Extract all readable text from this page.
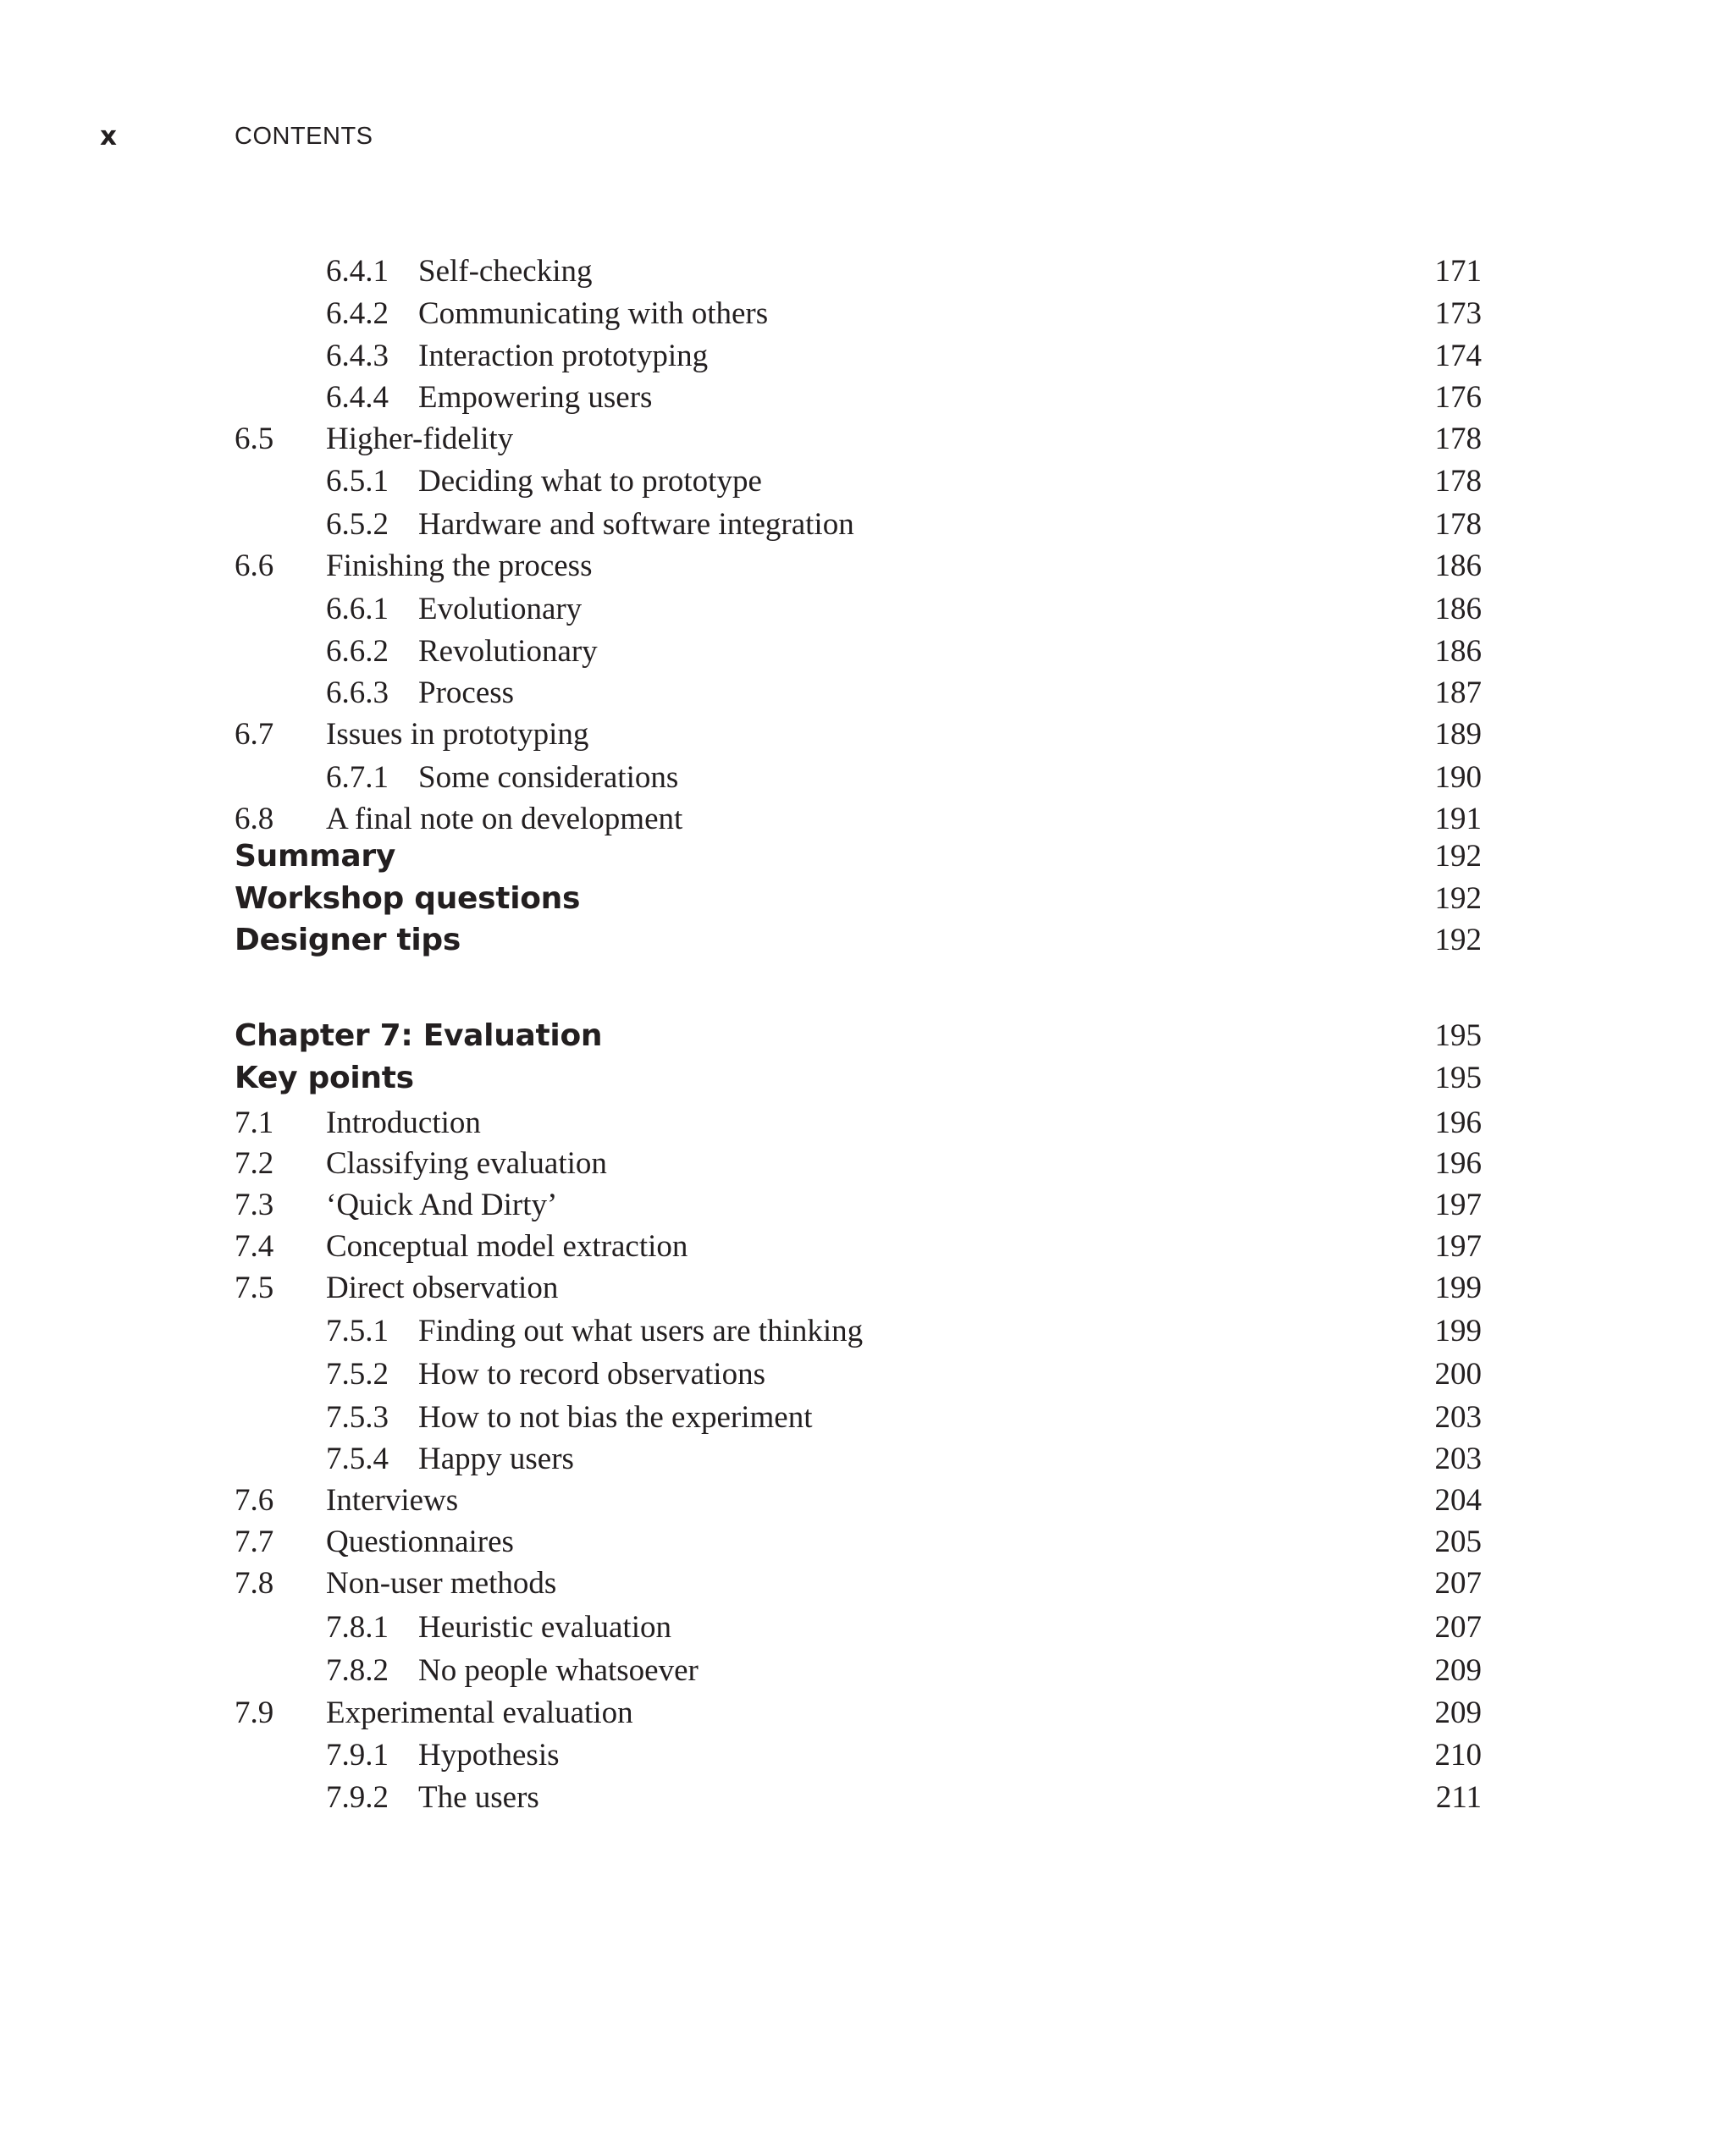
x	CONTENTS
6.4.1 Self-checking	171
6.4.2 Communicating with others	173
6.4.3 Interaction prototyping	174
6.4.4 Empowering users	176
6.5 Higher-fidelity	178
6.5.1 Deciding what to prototype	178
6.5.2 Hardware and software integration	178
6.6 Finishing the process	186
6.6.1 Evolutionary	186
6.6.2 Revolutionary	186
6.6.3 Process	187
6.7 Issues in prototyping	189
6.7.1 Some considerations	190
6.8 A final note on development	191
Summary	192
Workshop questions	192
Designer tips	192
Chapter 7: Evaluation	195
Key points	195
7.1 Introduction	196
7.2 Classifying evaluation	196
7.3 ‘Quick And Dirty’	197
7.4 Conceptual model extraction	197
7.5 Direct observation	199
7.5.1 Finding out what users are thinking	199
7.5.2 How to record observations	200
7.5.3 How to not bias the experiment	203
7.5.4 Happy users	203
7.6 Interviews	204
7.7 Questionnaires	205
7.8 Non-user methods	207
7.8.1 Heuristic evaluation	207
7.8.2 No people whatsoever	209
7.9 Experimental evaluation	209
7.9.1 Hypothesis	210
7.9.2 The users	211
